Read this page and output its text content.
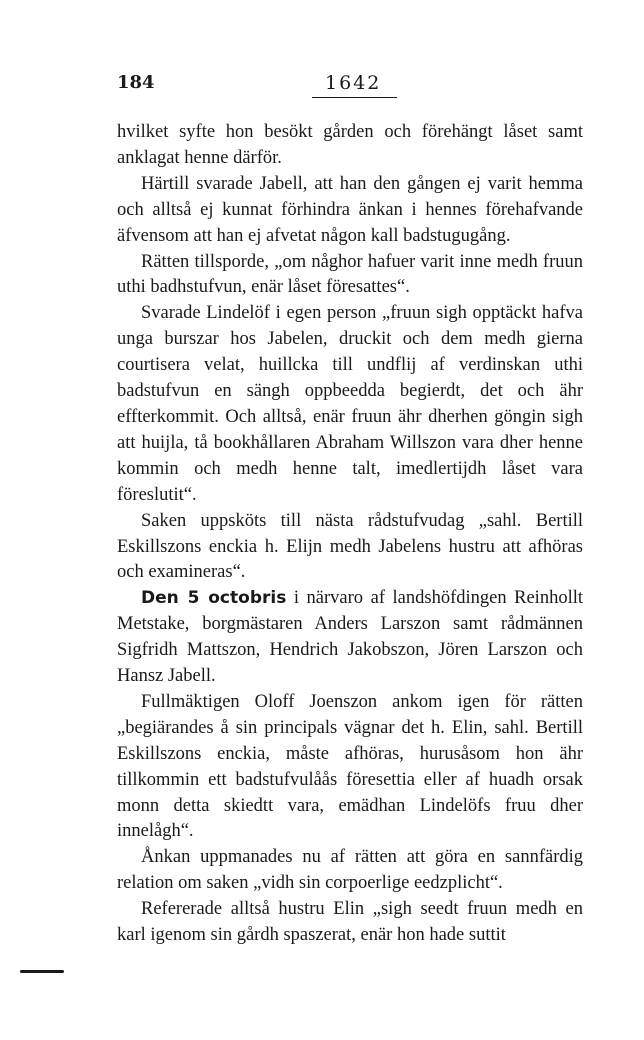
184	1642

hvilket syfte hon besökt gården och förehängt låset samt anklagat henne därför.

Härtill svarade Jabell, att han den gången ej varit hemma och alltså ej kunnat förhindra änkan i hennes förehafvande äfvensom att han ej afvetat någon kall badstugugång.

Rätten tillsporde, „om någhor hafuer varit inne medh fruun uthi badhstufvun, enär låset föresattes“.

Svarade Lindelöf i egen person „fruun sigh opptäckt hafva unga burszar hos Jabelen, druckit och dem medh gierna courtisera velat, huillcka till undflij af verdinskan uthi badstufvun en sängh oppbeedda begierdt, det och ähr effterkommit. Och alltså, enär fruun ähr dherhen göngin sigh att huijla, tå bookhållaren Abraham Willszon vara dher henne kommin och medh henne talt, imedlertijdh låset vara föreslutit“.

Saken uppsköts till nästa rådstufvudag „sahl. Bertill Eskillszons enckia h. Elijn medh Jabelens hustru att afhöras och examineras“.

Den 5 octobris i närvaro af landshöfdingen Reinhollt Metstake, borgmästaren Anders Larszon samt rådmännen Sigfridh Mattszon, Hendrich Jakobszon, Jören Larszon och Hansz Jabell.

Fullmäktigen Oloff Joenszon ankom igen för rätten „begiärandes å sin principals vägnar det h. Elin, sahl. Bertill Eskillszons enckia, måste afhöras, hurusåsom hon ähr tillkommin ett badstufvulåås föresettia eller af huadh orsak monn detta skiedtt vara, emädhan Lindelöfs fruu dher innelågh“.

Ånkan uppmanades nu af rätten att göra en sannfärdig relation om saken „vidh sin corpoerlige eedzplicht“.

Refererade alltså hustru Elin „sigh seedt fruun medh en karl igenom sin gårdh spaszerat, enär hon hade suttit
